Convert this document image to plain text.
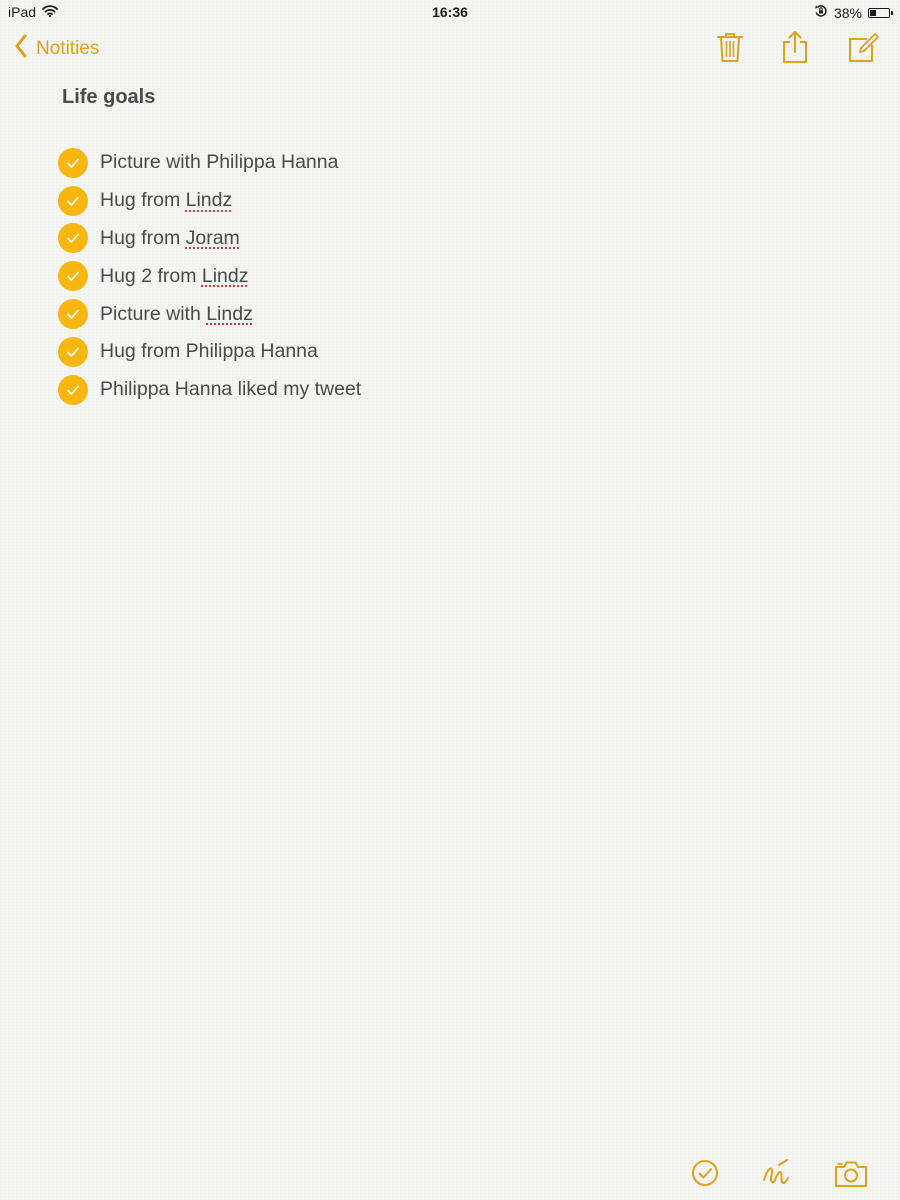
iPad	16:36	38%
Notities
Life goals
Picture with Philippa Hanna
Hug from Lindz
Hug from Joram
Hug 2 from Lindz
Picture with Lindz
Hug from Philippa Hanna
Philippa Hanna liked my tweet
